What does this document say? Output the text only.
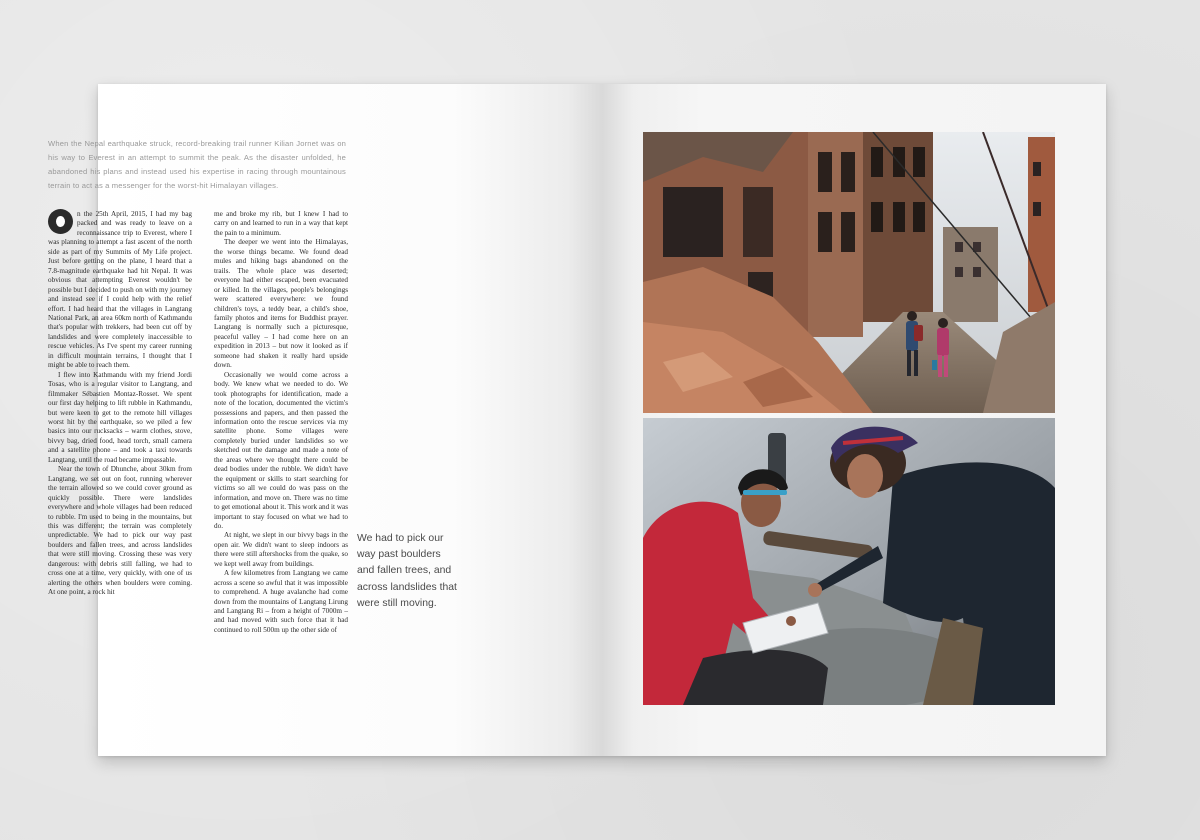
When the Nepal earthquake struck, record-breaking trail runner Kilian Jornet was on his way to Everest in an attempt to summit the peak. As the disaster unfolded, he abandoned his plans and instead used his expertise in racing through mountainous terrain to act as a messenger for the worst-hit Himalayan villages.

n the 25th April, 2015, I had my bag packed and was ready to leave on a reconnaissance trip to Everest, where I was planning to attempt a fast ascent of the north side as part of my Summits of My Life project. Just before getting on the plane, I heard that a 7.8-magnitude earthquake had hit Nepal. It was obvious that attempting Everest wouldn't be possible but I decided to push on with my journey and instead see if I could help with the relief effort. I had heard that the villages in Langtang National Park, an area 60km north of Kathmandu that's popular with trekkers, had been cut off by landslides and were completely inaccessible to rescue vehicles. As I've spent my career running in difficult mountain terrains, I thought that I might be able to reach them.

I flew into Kathmandu with my friend Jordi Tosas, who is a regular visitor to Langtang, and filmmaker Sébastien Montaz-Rosset. We spent our first day helping to lift rubble in Kathmandu, but were keen to get to the remote hill villages worst hit by the earthquake, so we piled a few basics into our rucksacks – warm clothes, stove, bivvy bag, dried food, head torch, small camera and a satellite phone – and took a taxi towards Langtang, until the road became impassable.

Near the town of Dhunche, about 30km from Langtang, we set out on foot, running wherever the terrain allowed so we could cover ground as quickly possible. There were landslides everywhere and whole villages had been reduced to rubble. I'm used to being in the mountains, but this was different; the terrain was completely unpredictable. We had to pick our way past boulders and fallen trees, and across landslides that were still moving. Crossing these was very dangerous: with debris still falling, we had to cross one at a time, very quickly, with one of us alerting the others when boulders were coming. At one point, a rock hit

me and broke my rib, but I knew I had to carry on and learned to run in a way that kept the pain to a minimum.

The deeper we went into the Himalayas, the worse things became. We found dead mules and hiking bags abandoned on the trails. The whole place was deserted; everyone had either escaped, been evacuated or killed. In the villages, people's belongings were scattered everywhere: we found children's toys, a teddy bear, a child's shoe, family photos and items for Buddhist prayer. Langtang is normally such a picturesque, peaceful valley – I had come here on an expedition in 2013 – but now it looked as if someone had shaken it really hard upside down.

Occasionally we would come across a body. We knew what we needed to do. We took photographs for identification, made a note of the location, documented the victim's possessions and papers, and then passed the information onto the rescue services via my satellite phone. Some villages were completely buried under landslides so we sketched out the damage and made a note of the areas where we thought there could be dead bodies under the rubble. We didn't have the equipment or skills to start searching for victims so all we could do was pass on the information, and move on. There was no time to get emotional about it. This work and it was important to stay focused on what we had to do.

At night, we slept in our bivvy bags in the open air. We didn't want to sleep indoors as there were still aftershocks from the quake, so we kept well away from buildings.

A few kilometres from Langtang we came across a scene so awful that it was impossible to comprehend. A huge avalanche had come down from the mountains of Langtang Lirung and Langtang Ri – from a height of 7000m – and had moved with such force that it had continued to roll 500m up the other side of

We had to pick our way past boulders and fallen trees, and across landslides that were still moving.
